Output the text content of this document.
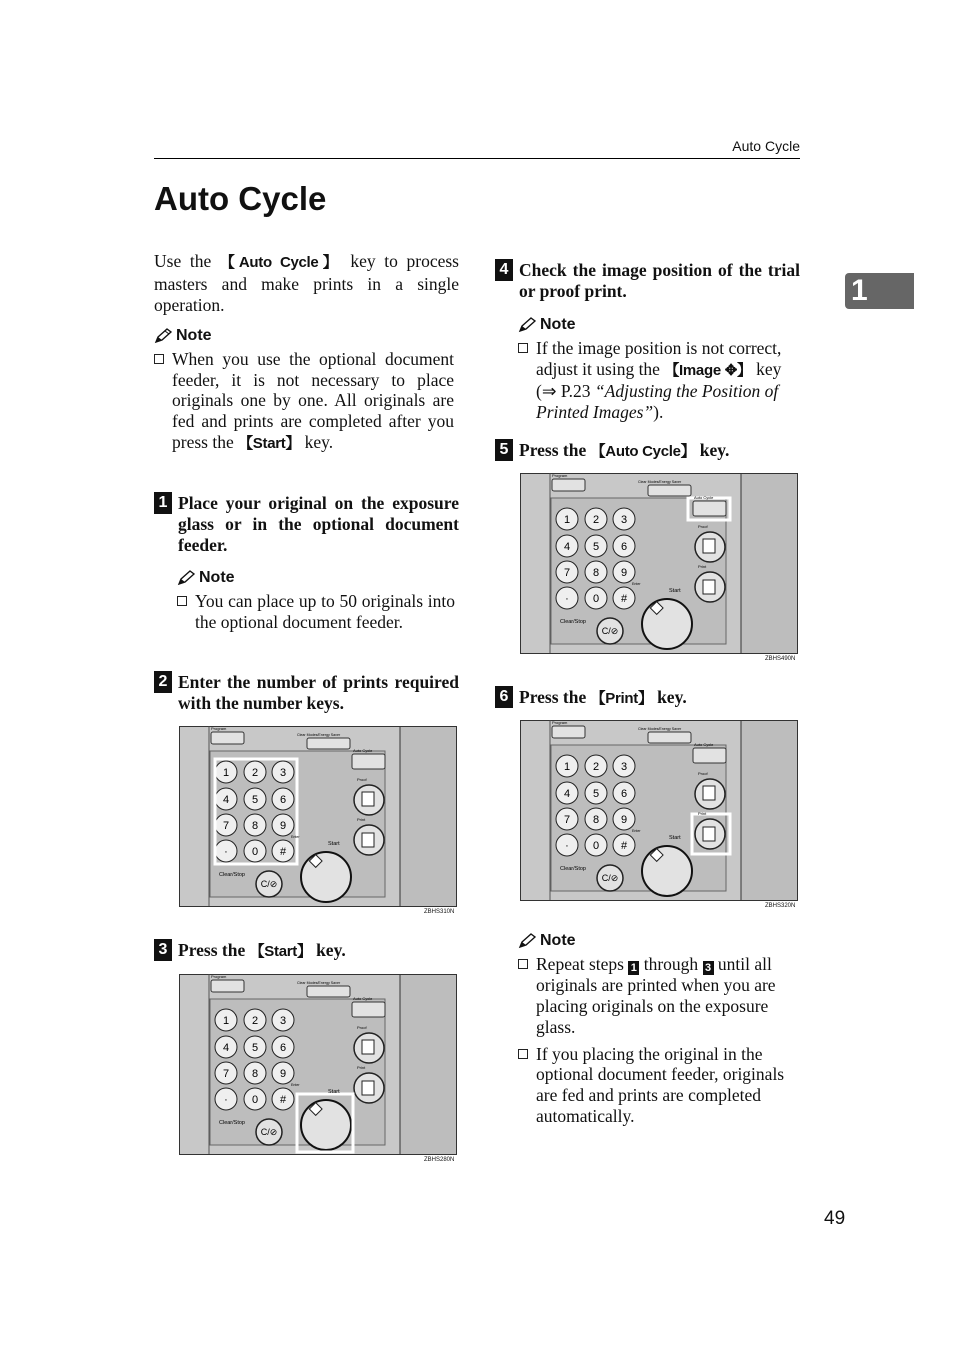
Auto Cycle
Auto Cycle
1
Use the 【Auto Cycle】 key to process masters and make prints in a single operation.
Note
When you use the optional document feeder, it is not necessary to place originals one by one. All originals are fed and prints are completed after you press the 【Start】 key.
1 Place your original on the exposure glass or in the optional document feeder.
Note
You can place up to 50 originals into the optional document feeder.
2 Enter the number of prints required with the number keys.
Program
Clear Modes/Energy Saver
Auto Cycle
Proof
Print
Enter
Start
Clear/Stop
1 2 3
4 5 6
7 8 9
· 0 #
C/⊘
ZBHS310N
3 Press the 【Start】 key.
Program
Clear Modes/Energy Saver
Auto Cycle
Proof
Print
Enter
Start
Clear/Stop
1 2 3
4 5 6
7 8 9
· 0 #
C/⊘
ZBHS280N
4 Check the image position of the trial or proof print.
Note
If the image position is not correct, adjust it using the 【Image ✥】 key (⇒ P.23 “Adjusting the Position of Printed Images”).
5 Press the 【Auto Cycle】 key.
Program
Clear Modes/Energy Saver
Auto Cycle
Proof
Print
Enter
Start
Clear/Stop
1 2 3
4 5 6
7 8 9
· 0 #
C/⊘
ZBHS490N
6 Press the 【Print】 key.
Program
Clear Modes/Energy Saver
Auto Cycle
Proof
Print
Enter
Start
Clear/Stop
1 2 3
4 5 6
7 8 9
· 0 #
C/⊘
ZBHS320N
Note
Repeat steps 1 through 3 until all originals are printed when you are placing originals on the exposure glass.
If you placing the original in the optional document feeder, originals are fed and prints are completed automatically.
49
